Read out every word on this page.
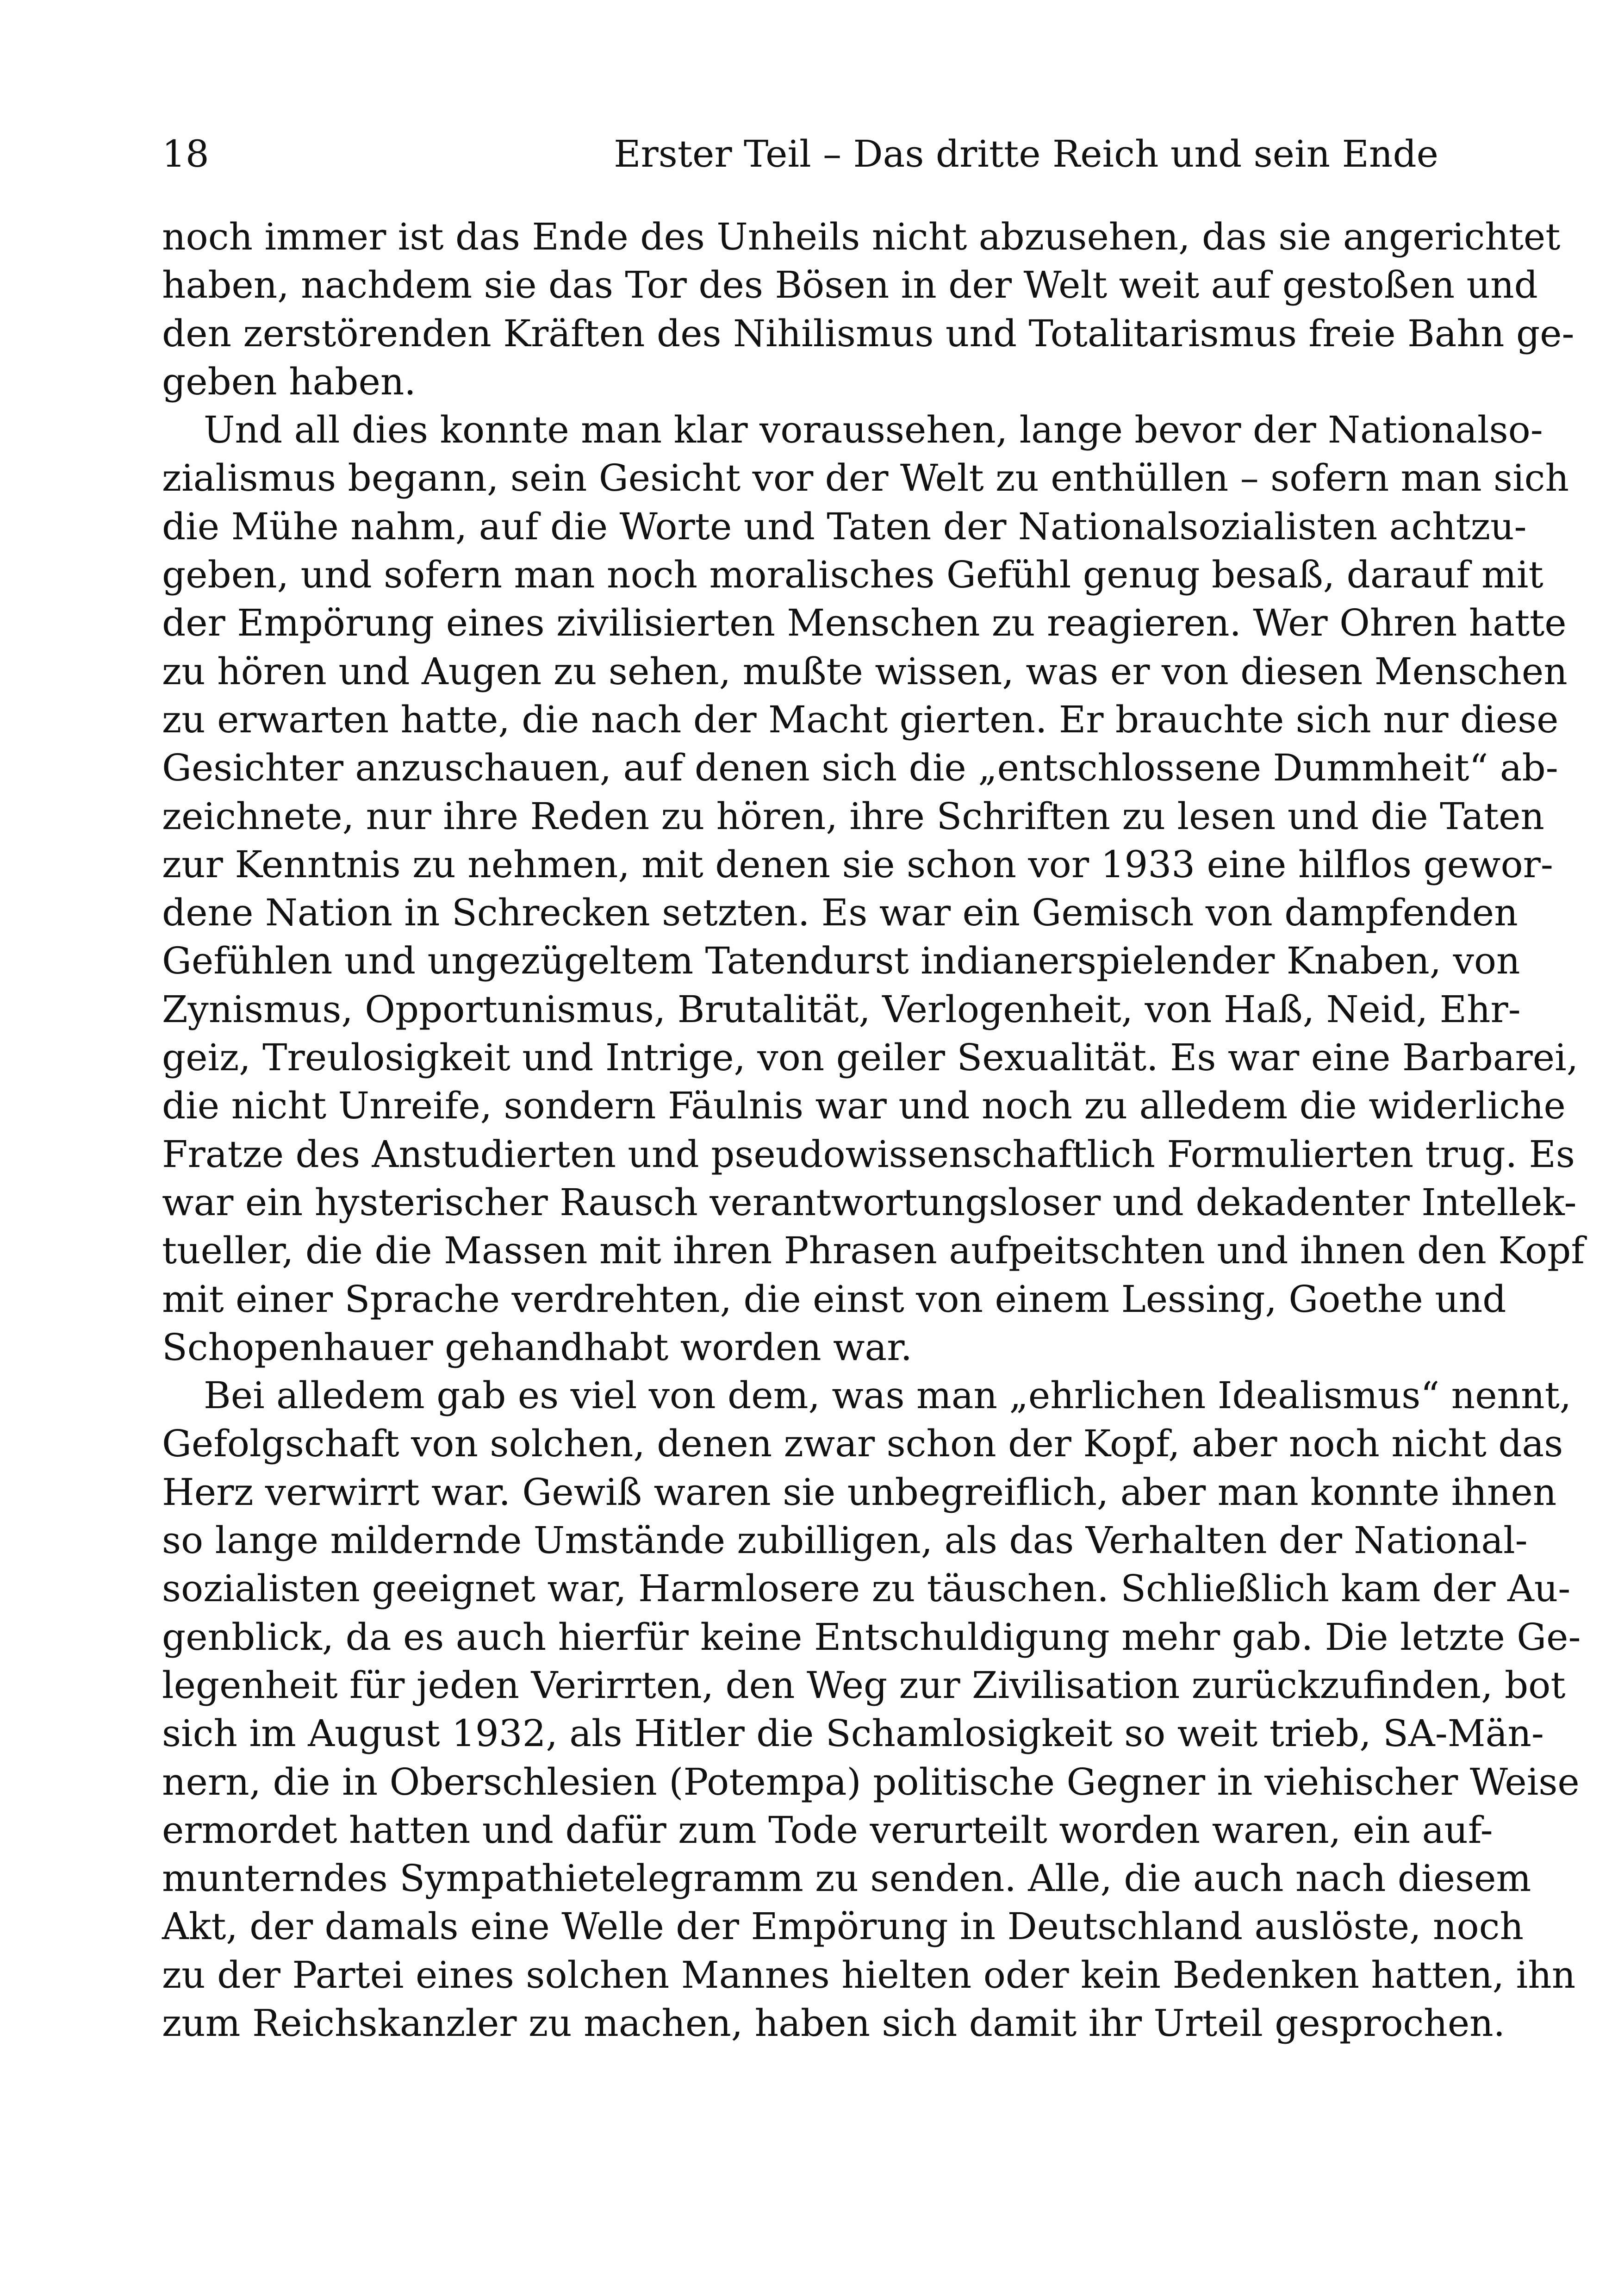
18	Erster Teil – Das dritte Reich und sein Ende
noch immer ist das Ende des Unheils nicht abzusehen, das sie angerichtet
haben, nachdem sie das Tor des Bösen in der Welt weit auf gestoßen und
den zerstörenden Kräften des Nihilismus und Totalitarismus freie Bahn ge-
geben haben.
Und all dies konnte man klar voraussehen, lange bevor der Nationalso-
zialismus begann, sein Gesicht vor der Welt zu enthüllen – sofern man sich
die Mühe nahm, auf die Worte und Taten der Nationalsozialisten achtzu-
geben, und sofern man noch moralisches Gefühl genug besaß, darauf mit
der Empörung eines zivilisierten Menschen zu reagieren. Wer Ohren hatte
zu hören und Augen zu sehen, mußte wissen, was er von diesen Menschen
zu erwarten hatte, die nach der Macht gierten. Er brauchte sich nur diese
Gesichter anzuschauen, auf denen sich die „entschlossene Dummheit“ ab-
zeichnete, nur ihre Reden zu hören, ihre Schriften zu lesen und die Taten
zur Kenntnis zu nehmen, mit denen sie schon vor 1933 eine hilflos gewor-
dene Nation in Schrecken setzten. Es war ein Gemisch von dampfenden
Gefühlen und ungezügeltem Tatendurst indianerspielender Knaben, von
Zynismus, Opportunismus, Brutalität, Verlogenheit, von Haß, Neid, Ehr-
geiz, Treulosigkeit und Intrige, von geiler Sexualität. Es war eine Barbarei,
die nicht Unreife, sondern Fäulnis war und noch zu alledem die widerliche
Fratze des Anstudierten und pseudowissenschaftlich Formulierten trug. Es
war ein hysterischer Rausch verantwortungsloser und dekadenter Intellek-
tueller, die die Massen mit ihren Phrasen aufpeitschten und ihnen den Kopf
mit einer Sprache verdrehten, die einst von einem Lessing, Goethe und
Schopenhauer gehandhabt worden war.
Bei alledem gab es viel von dem, was man „ehrlichen Idealismus“ nennt,
Gefolgschaft von solchen, denen zwar schon der Kopf, aber noch nicht das
Herz verwirrt war. Gewiß waren sie unbegreiflich, aber man konnte ihnen
so lange mildernde Umstände zubilligen, als das Verhalten der National-
sozialisten geeignet war, Harmlosere zu täuschen. Schließlich kam der Au-
genblick, da es auch hierfür keine Entschuldigung mehr gab. Die letzte Ge-
legenheit für jeden Verirrten, den Weg zur Zivilisation zurückzufinden, bot
sich im August 1932, als Hitler die Schamlosigkeit so weit trieb, SA-Män-
nern, die in Oberschlesien (Potempa) politische Gegner in viehischer Weise
ermordet hatten und dafür zum Tode verurteilt worden waren, ein auf-
munterndes Sympathietelegramm zu senden. Alle, die auch nach diesem
Akt, der damals eine Welle der Empörung in Deutschland auslöste, noch
zu der Partei eines solchen Mannes hielten oder kein Bedenken hatten, ihn
zum Reichskanzler zu machen, haben sich damit ihr Urteil gesprochen.
